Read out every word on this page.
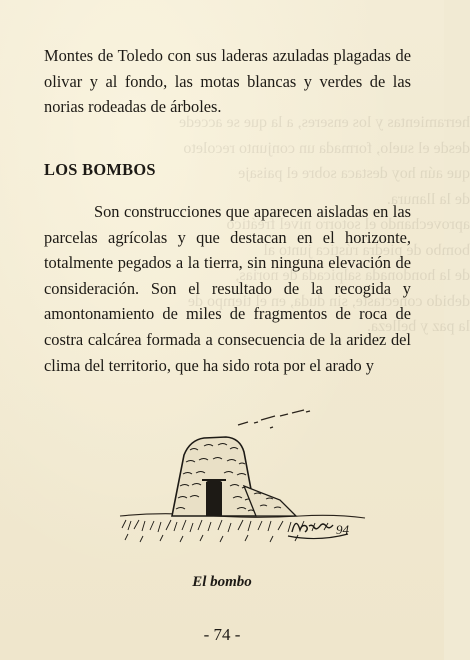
herramientas y los enseres, a la que se accede
desde el suelo, formada un conjunto recoleto
que aún hoy destaca sobre el paisaje
de la llanura.
aprovechando el sotorro nivel freático
bombo de piedra rústica junto al
de la hondonada salpicada de norias,
debido conectaste, sin duda, en el tiempo de
la paz y belleza.

Montes de Toledo con sus laderas azuladas plagadas de olivar y al fondo, las motas blancas y verdes de las norias rodeadas de árboles.

LOS BOMBOS

Son construcciones que aparecen aisladas en las parcelas agrícolas y que destacan en el horizonte, totalmente pegados a la tierra, sin ninguna elevación de consideración. Son el resultado de la recogida y amontonamiento de miles de fragmentos de roca de costra calcárea formada a consecuencia de la aridez del clima del territorio, que ha sido rota por el arado y

94
El bombo
- 74 -
